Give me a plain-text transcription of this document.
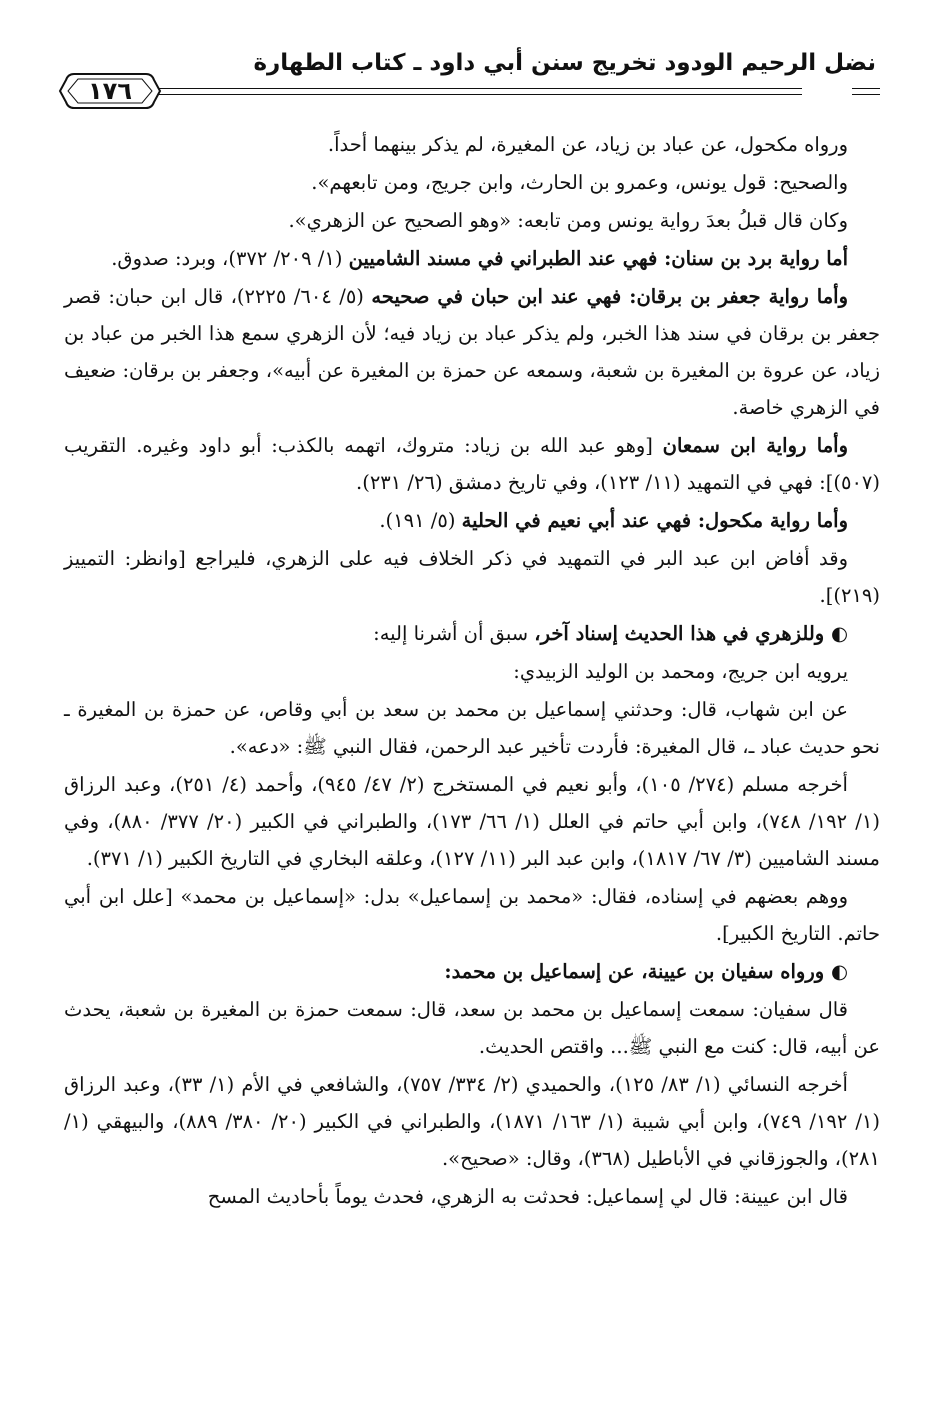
نضل الرحيم الودود تخريج سنن أبي داود ـ كتاب الطهارة
١٧٦

ورواه مكحول، عن عباد بن زياد، عن المغيرة، لم يذكر بينهما أحداً.

والصحيح: قول يونس، وعمرو بن الحارث، وابن جريج، ومن تابعهم».

وكان قال قبلُ بعدَ رواية يونس ومن تابعه: «وهو الصحيح عن الزهري».

أما رواية برد بن سنان: فهي عند الطبراني في مسند الشاميين (١/ ٢٠٩/ ٣٧٢)، وبرد: صدوق.

وأما رواية جعفر بن برقان: فهي عند ابن حبان في صحيحه (٥/ ٦٠٤/ ٢٢٢٥)، قال ابن حبان: قصر جعفر بن برقان في سند هذا الخبر، ولم يذكر عباد بن زياد فيه؛ لأن الزهري سمع هذا الخبر من عباد بن زياد، عن عروة بن المغيرة بن شعبة، وسمعه عن حمزة بن المغيرة عن أبيه»، وجعفر بن برقان: ضعيف في الزهري خاصة.

وأما رواية ابن سمعان [وهو عبد الله بن زياد: متروك، اتهمه بالكذب: أبو داود وغيره. التقريب (٥٠٧)]: فهي في التمهيد (١١/ ١٢٣)، وفي تاريخ دمشق (٢٦/ ٢٣١).

وأما رواية مكحول: فهي عند أبي نعيم في الحلية (٥/ ١٩١).

وقد أفاض ابن عبد البر في التمهيد في ذكر الخلاف فيه على الزهري، فليراجع [وانظر: التمييز (٢١٩)].

◐ وللزهري في هذا الحديث إسناد آخر، سبق أن أشرنا إليه:

يرويه ابن جريج، ومحمد بن الوليد الزبيدي:

عن ابن شهاب، قال: وحدثني إسماعيل بن محمد بن سعد بن أبي وقاص، عن حمزة بن المغيرة ـ نحو حديث عباد ـ، قال المغيرة: فأردت تأخير عبد الرحمن، فقال النبي ﷺ: «دعه».

أخرجه مسلم (٢٧٤/ ١٠٥)، وأبو نعيم في المستخرج (٢/ ٤٧/ ٩٤٥)، وأحمد (٤/ ٢٥١)، وعبد الرزاق (١/ ١٩٢/ ٧٤٨)، وابن أبي حاتم في العلل (١/ ٦٦/ ١٧٣)، والطبراني في الكبير (٢٠/ ٣٧٧/ ٨٨٠)، وفي مسند الشاميين (٣/ ٦٧/ ١٨١٧)، وابن عبد البر (١١/ ١٢٧)، وعلقه البخاري في التاريخ الكبير (١/ ٣٧١).

ووهم بعضهم في إسناده، فقال: «محمد بن إسماعيل» بدل: «إسماعيل بن محمد» [علل ابن أبي حاتم. التاريخ الكبير].

◐ ورواه سفيان بن عيينة، عن إسماعيل بن محمد:

قال سفيان: سمعت إسماعيل بن محمد بن سعد، قال: سمعت حمزة بن المغيرة بن شعبة، يحدث عن أبيه، قال: كنت مع النبي ﷺ... واقتص الحديث.

أخرجه النسائي (١/ ٨٣/ ١٢٥)، والحميدي (٢/ ٣٣٤/ ٧٥٧)، والشافعي في الأم (١/ ٣٣)، وعبد الرزاق (١/ ١٩٢/ ٧٤٩)، وابن أبي شيبة (١/ ١٦٣/ ١٨٧١)، والطبراني في الكبير (٢٠/ ٣٨٠/ ٨٨٩)، والبيهقي (١/ ٢٨١)، والجوزقاني في الأباطيل (٣٦٨)، وقال: «صحيح».

قال ابن عيينة: قال لي إسماعيل: فحدثت به الزهري، فحدث يوماً بأحاديث المسح
